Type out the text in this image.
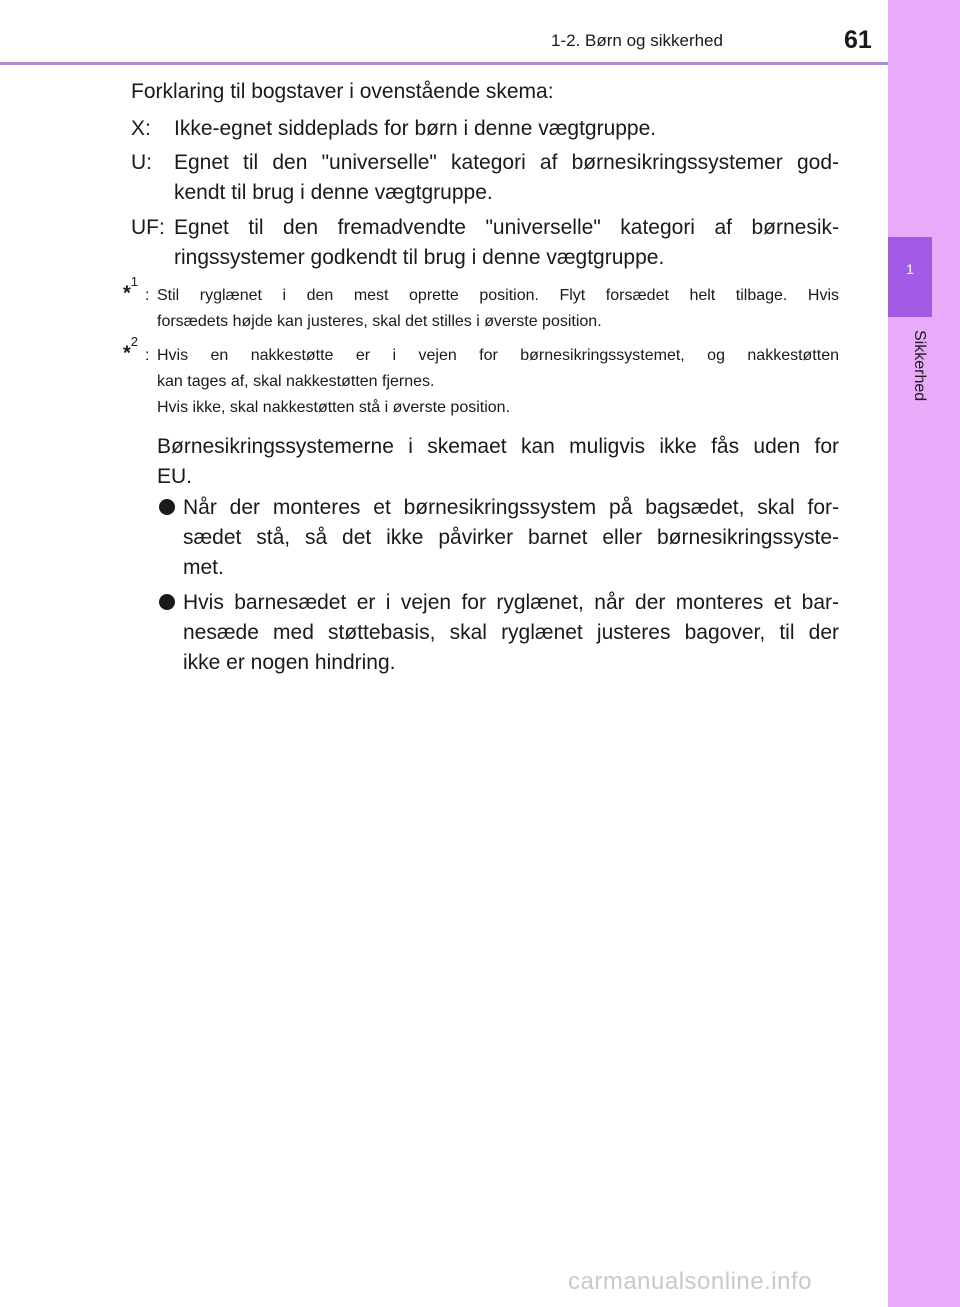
1-2. Børn og sikkerhed	61
1
Sikkerhed
Forklaring til bogstaver i ovenstående skema:
X: Ikke-egnet siddeplads for børn i denne vægtgruppe.
U: Egnet til den "universelle" kategori af børnesikringssystemer god-
kendt til brug i denne vægtgruppe.
UF: Egnet til den fremadvendte "universelle" kategori af børnesik-
ringssystemer godkendt til brug i denne vægtgruppe.
*$^1$
: Stil ryglænet i den mest oprette position. Flyt forsædet helt tilbage. Hvis
forsædets højde kan justeres, skal det stilles i øverste position.
*$^2$
: Hvis en nakkestøtte er i vejen for børnesikringssystemet, og nakkestøtten
kan tages af, skal nakkestøtten fjernes.
Hvis ikke, skal nakkestøtten stå i øverste position.
Børnesikringssystemerne i skemaet kan muligvis ikke fås uden for
EU.
Når der monteres et børnesikringssystem på bagsædet, skal for-
sædet stå, så det ikke påvirker barnet eller børnesikringssyste-
met.
Hvis barnesædet er i vejen for ryglænet, når der monteres et bar-
nesæde med støttebasis, skal ryglænet justeres bagover, til der
ikke er nogen hindring.
carmanualsonline.info
